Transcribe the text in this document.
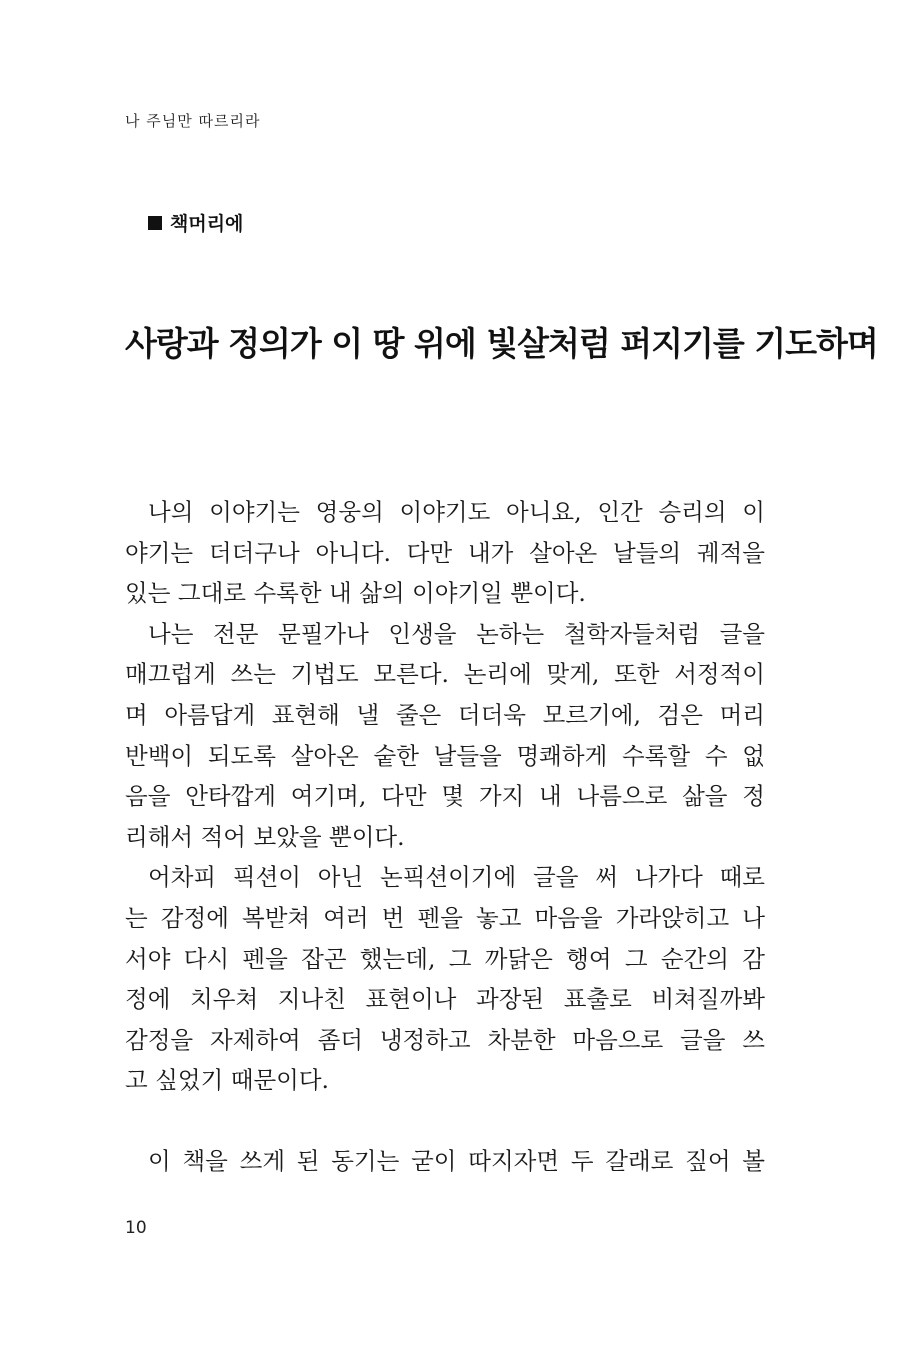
나 주님만 따르리라
책머리에
사랑과 정의가 이 땅 위에 빛살처럼 퍼지기를 기도하며
나의 이야기는 영웅의 이야기도 아니요, 인간 승리의 이
야기는 더더구나 아니다. 다만 내가 살아온 날들의 궤적을
있는 그대로 수록한 내 삶의 이야기일 뿐이다.
나는 전문 문필가나 인생을 논하는 철학자들처럼 글을
매끄럽게 쓰는 기법도 모른다. 논리에 맞게, 또한 서정적이
며 아름답게 표현해 낼 줄은 더더욱 모르기에, 검은 머리
반백이 되도록 살아온 숱한 날들을 명쾌하게 수록할 수 없
음을 안타깝게 여기며, 다만 몇 가지 내 나름으로 삶을 정
리해서 적어 보았을 뿐이다.
어차피 픽션이 아닌 논픽션이기에 글을 써 나가다 때로
는 감정에 복받쳐 여러 번 펜을 놓고 마음을 가라앉히고 나
서야 다시 펜을 잡곤 했는데, 그 까닭은 행여 그 순간의 감
정에 치우쳐 지나친 표현이나 과장된 표출로 비쳐질까봐
감정을 자제하여 좀더 냉정하고 차분한 마음으로 글을 쓰
고 싶었기 때문이다.
이 책을 쓰게 된 동기는 굳이 따지자면 두 갈래로 짚어 볼
10
